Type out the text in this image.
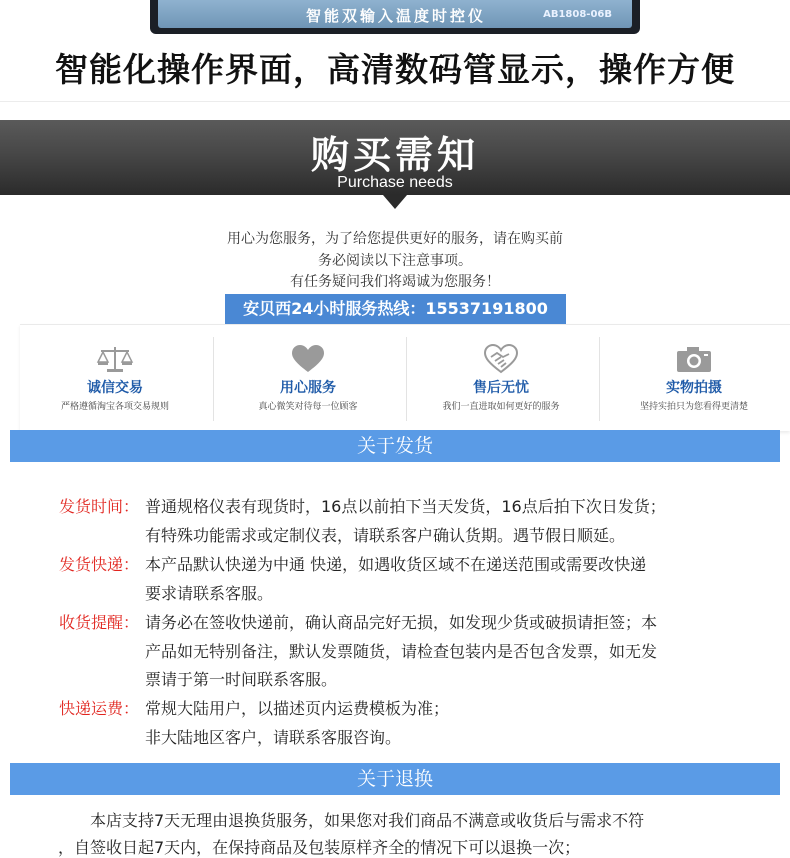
智能双输入温度时控仪	AB1808-06B
智能化操作界面，高清数码管显示，操作方便
购买需知
Purchase needs
用心为您服务，为了给您提供更好的服务，请在购买前
务必阅读以下注意事项。
有任务疑问我们将竭诚为您服务！
安贝西24小时服务热线：15537191800
诚信交易
严格遵循淘宝各项交易规则
用心服务
真心微笑对待每一位顾客
售后无忧
我们一直进取如何更好的服务
实物拍摄
坚持实拍只为您看得更清楚
关于发货
发货时间： 普通规格仪表有现货时，16点以前拍下当天发货，16点后拍下次日发货；
有特殊功能需求或定制仪表，请联系客户确认货期。遇节假日顺延。
发货快递： 本产品默认快递为中通 快递，如遇收货区域不在递送范围或需要改快递
要求请联系客服。
收货提醒： 请务必在签收快递前，确认商品完好无损，如发现少货或破损请拒签；本
产品如无特别备注，默认发票随货，请检查包装内是否包含发票，如无发
票请于第一时间联系客服。
快递运费： 常规大陆用户，以描述页内运费模板为准；
非大陆地区客户，请联系客服咨询。
关于退换
本店支持7天无理由退换货服务，如果您对我们商品不满意或收货后与需求不符
，自签收日起7天内，在保持商品及包装原样齐全的情况下可以退换一次；
